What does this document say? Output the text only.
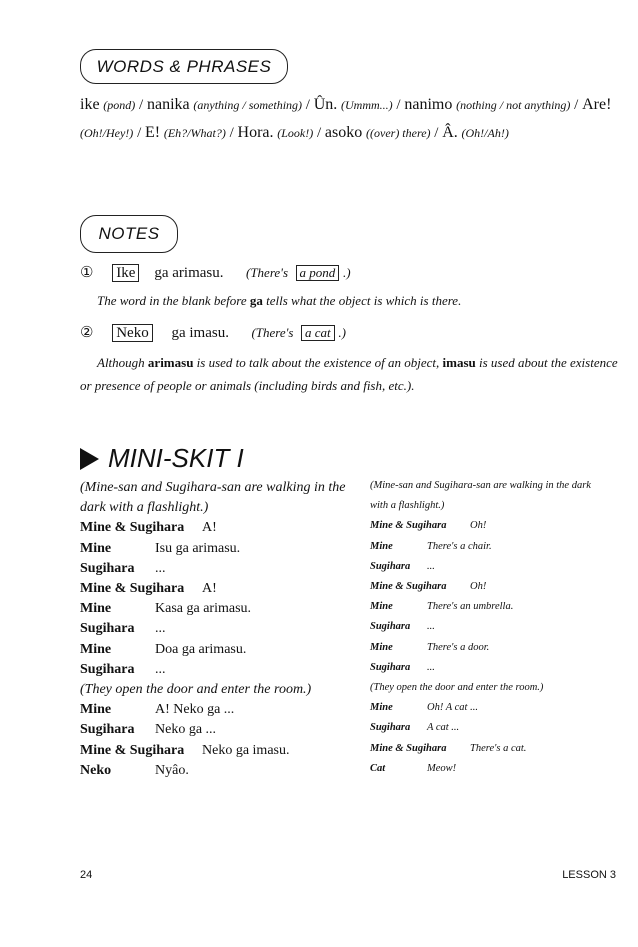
WORDS & PHRASES
ike (pond) / nanika (anything / something) / Ûn. (Ummm...) / nanimo (nothing / not anything) / Are! (Oh!/Hey!) / E! (Eh?/What?) / Hora. (Look!) / asoko ((over) there) / Â. (Oh!/Ah!)
NOTES
① Ike ga arimasu. (There's a pond .)
The word in the blank before ga tells what the object is which is there.
② Neko ga imasu. (There's a cat .)
Although arimasu is used to talk about the existence of an object, imasu is used about the existence or presence of people or animals (including birds and fish, etc.).
MINI-SKIT I
(Mine-san and Sugihara-san are walking in the
dark with a flashlight.)
Mine & Sugihara A!
Mine	Isu ga arimasu.
Sugihara ...
Mine & Sugihara A!
Mine	Kasa ga arimasu.
Sugihara ...
Mine	Doa ga arimasu.
Sugihara ...
(They open the door and enter the room.)
Mine	A! Neko ga ...
Sugihara Neko ga ...
Mine & Sugihara Neko ga imasu.
Neko	Nyâo.
(Mine-san and Sugihara-san are walking in the dark
with a flashlight.)
Mine & Sugihara Oh!
Mine	There's a chair.
Sugihara ...
Mine & Sugihara Oh!
Mine	There's an umbrella.
Sugihara ...
Mine	There's a door.
Sugihara ...
(They open the door and enter the room.)
Mine	Oh! A cat ...
Sugihara A cat ...
Mine & Sugihara There's a cat.
Cat	Meow!
24	LESSON 3
